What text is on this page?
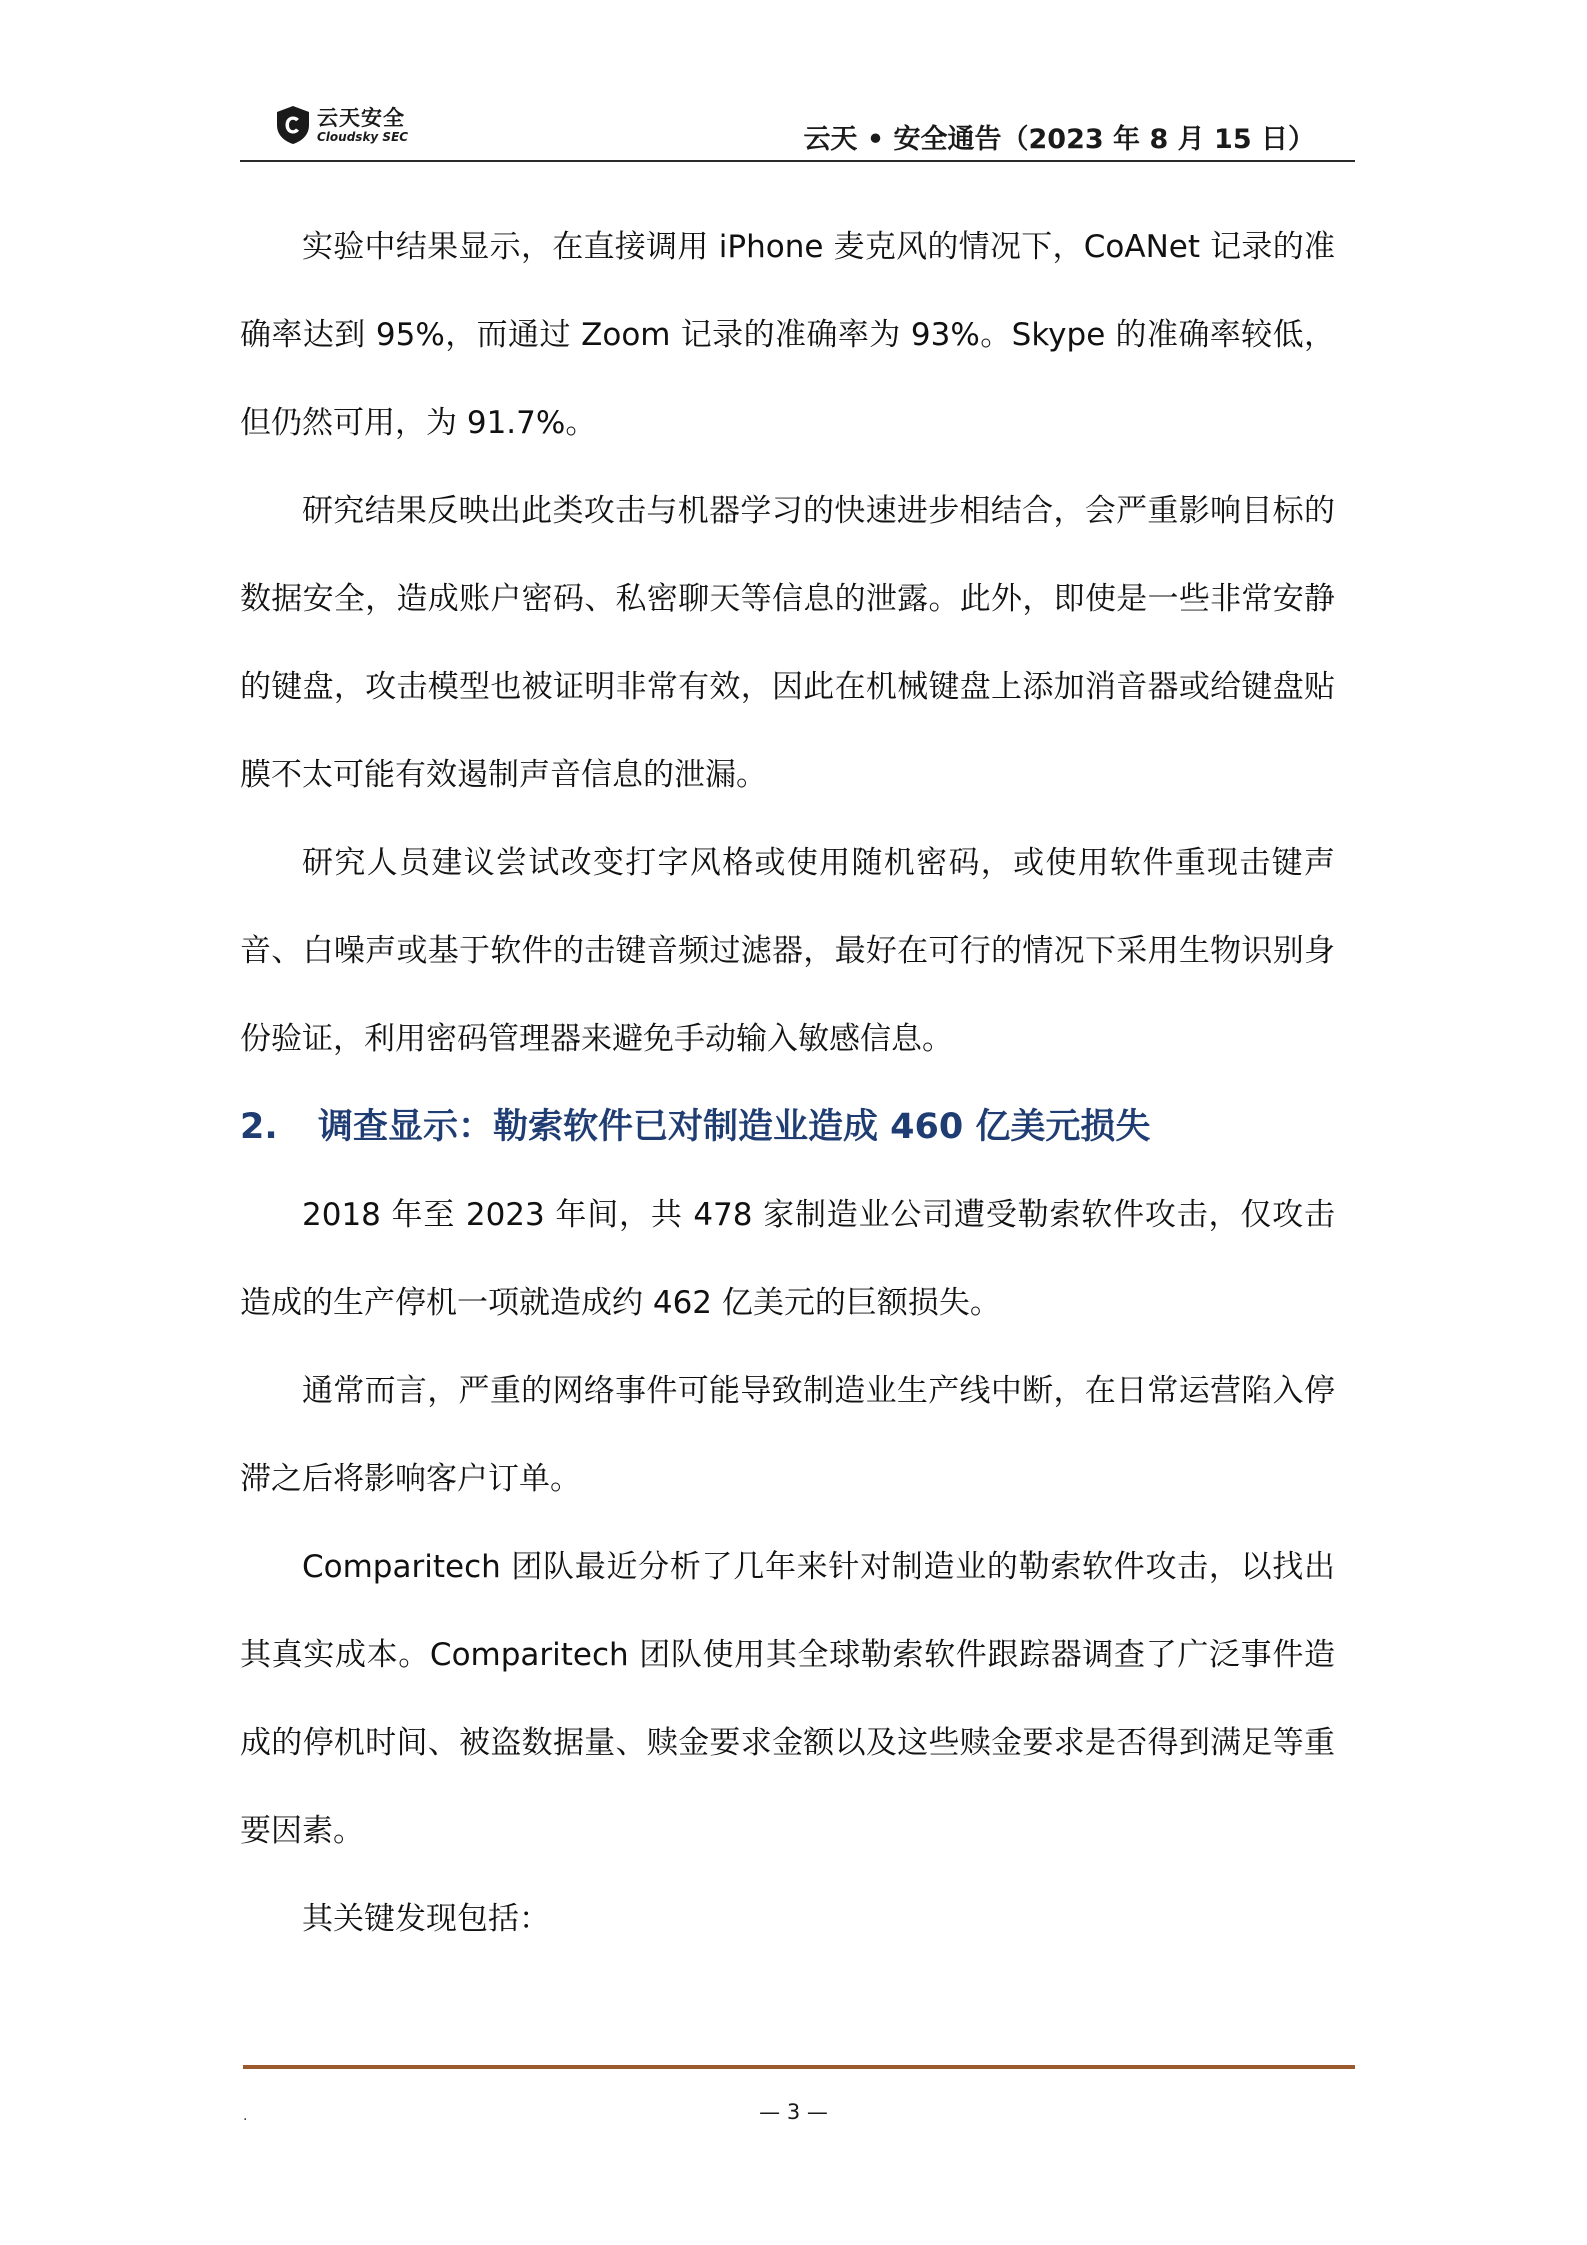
云天安全
Cloudsky SEC	云天 • 安全通告（2023 年 8 月 15 日）

实验中结果显示，在直接调用 iPhone 麦克风的情况下，CoANet 记录的准确率达到 95%，而通过 Zoom 记录的准确率为 93%。Skype 的准确率较低，但仍然可用，为 91.7%。

研究结果反映出此类攻击与机器学习的快速进步相结合，会严重影响目标的数据安全，造成账户密码、私密聊天等信息的泄露。此外，即使是一些非常安静的键盘，攻击模型也被证明非常有效，因此在机械键盘上添加消音器或给键盘贴膜不太可能有效遏制声音信息的泄漏。

研究人员建议尝试改变打字风格或使用随机密码，或使用软件重现击键声音、白噪声或基于软件的击键音频过滤器，最好在可行的情况下采用生物识别身份验证，利用密码管理器来避免手动输入敏感信息。

2. 调查显示：勒索软件已对制造业造成 460 亿美元损失

2018 年至 2023 年间，共 478 家制造业公司遭受勒索软件攻击，仅攻击造成的生产停机一项就造成约 462 亿美元的巨额损失。

通常而言，严重的网络事件可能导致制造业生产线中断，在日常运营陷入停滞之后将影响客户订单。

Comparitech 团队最近分析了几年来针对制造业的勒索软件攻击，以找出其真实成本。Comparitech 团队使用其全球勒索软件跟踪器调查了广泛事件造成的停机时间、被盗数据量、赎金要求金额以及这些赎金要求是否得到满足等重要因素。

其关键发现包括：

.	— 3 —
